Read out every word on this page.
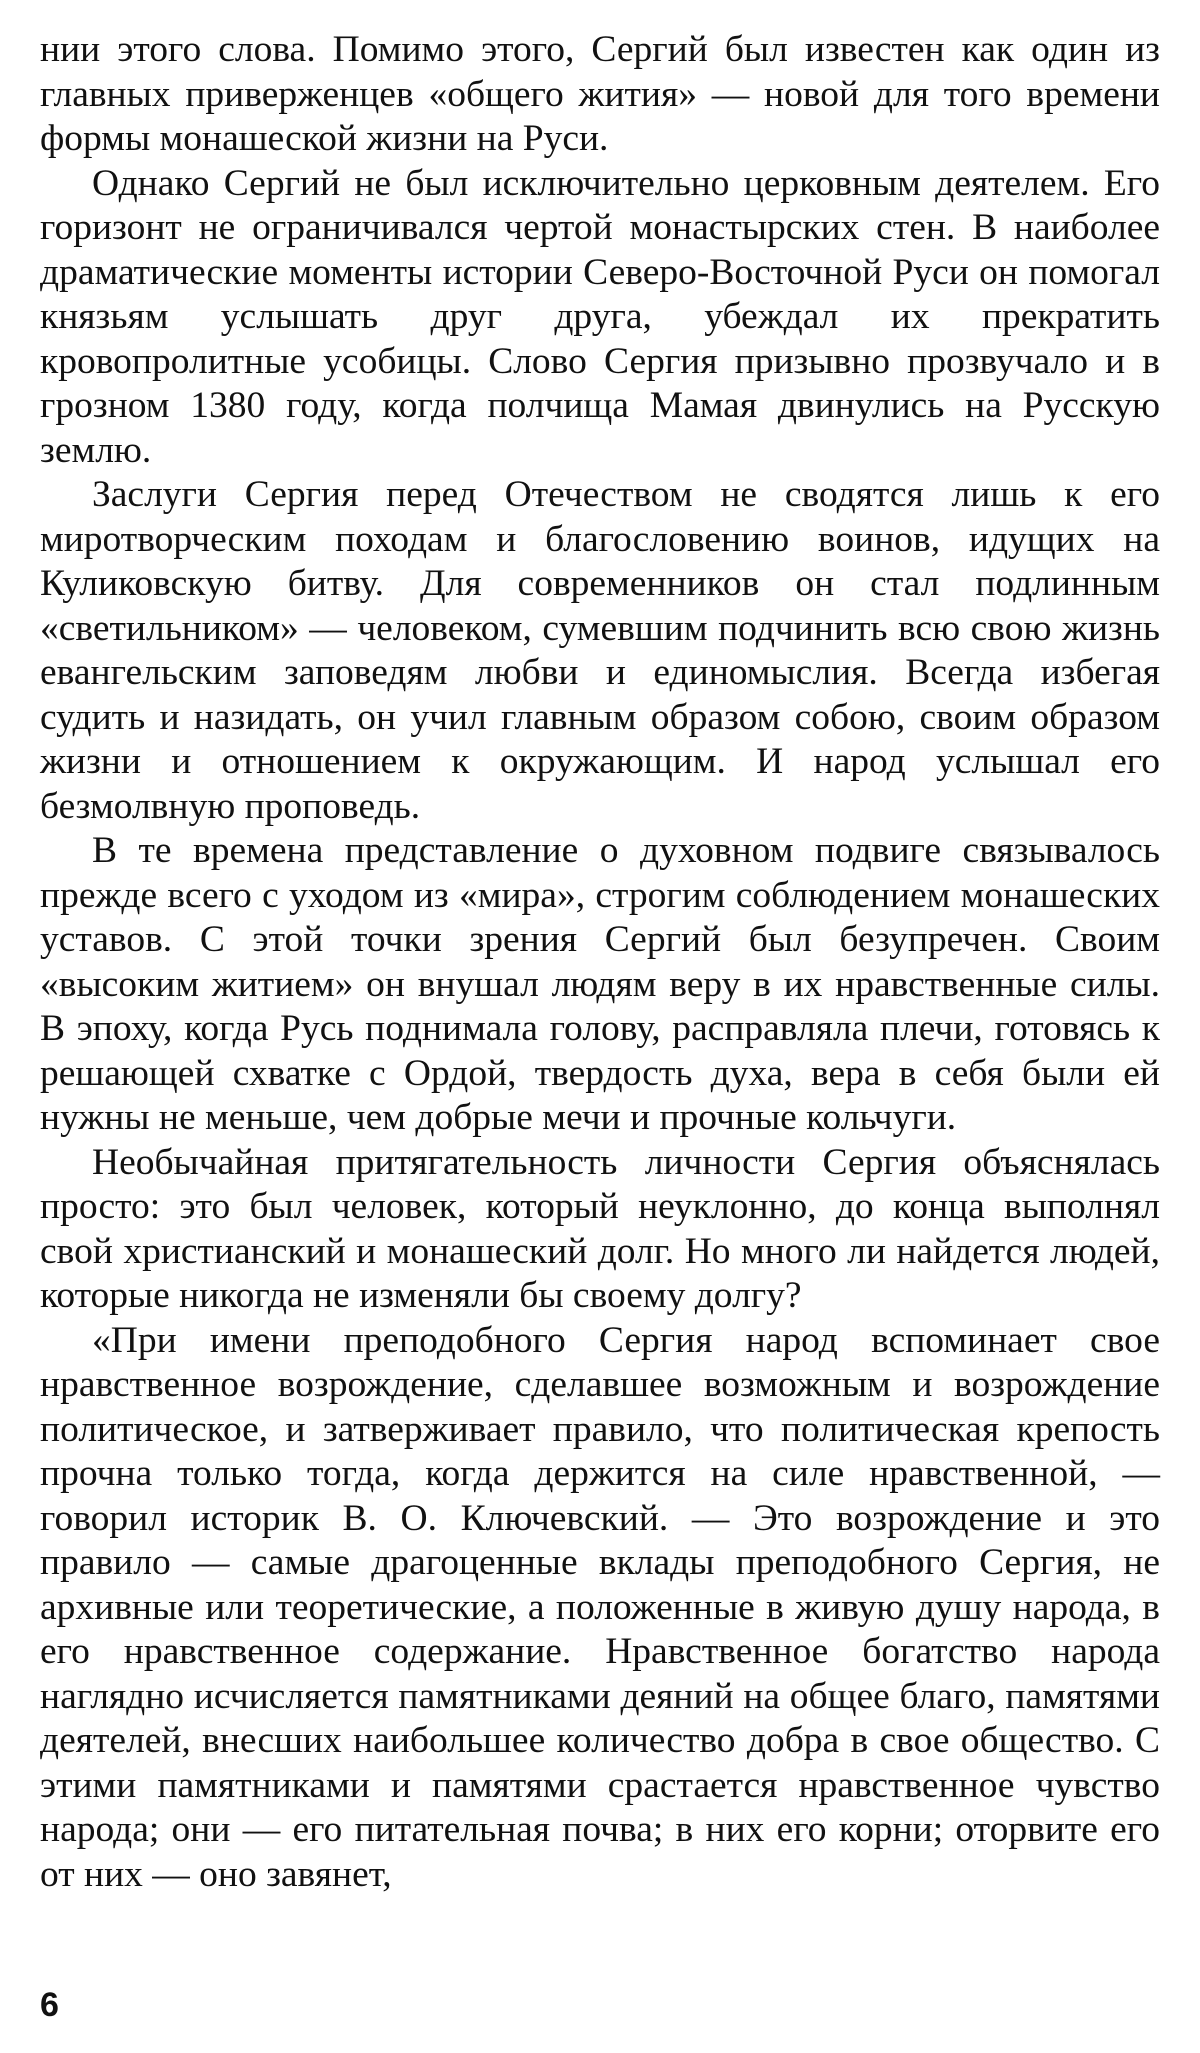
нии этого слова. Помимо этого, Сергий был известен как один из главных приверженцев «общего жития» — новой для того времени формы монашеской жизни на Руси.

Однако Сергий не был исключительно церковным деятелем. Его горизонт не ограничивался чертой монастырских стен. В наиболее драматические моменты истории Северо-Восточной Руси он помогал князьям услышать друг друга, убеждал их прекратить кровопролитные усобицы. Слово Сергия призывно прозвучало и в грозном 1380 году, когда полчища Мамая двинулись на Русскую землю.

Заслуги Сергия перед Отечеством не сводятся лишь к его миротворческим походам и благословению воинов, идущих на Куликовскую битву. Для современников он стал подлинным «светильником» — человеком, сумевшим подчинить всю свою жизнь евангельским заповедям любви и единомыслия. Всегда избегая судить и назидать, он учил главным образом собою, своим образом жизни и отношением к окружающим. И народ услышал его безмолвную проповедь.

В те времена представление о духовном подвиге связывалось прежде всего с уходом из «мира», строгим соблюдением монашеских уставов. С этой точки зрения Сергий был безупречен. Своим «высоким житием» он внушал людям веру в их нравственные силы. В эпоху, когда Русь поднимала голову, расправляла плечи, готовясь к решающей схватке с Ордой, твердость духа, вера в себя были ей нужны не меньше, чем добрые мечи и прочные кольчуги.

Необычайная притягательность личности Сергия объяснялась просто: это был человек, который неуклонно, до конца выполнял свой христианский и монашеский долг. Но много ли найдется людей, которые никогда не изменяли бы своему долгу?

«При имени преподобного Сергия народ вспоминает свое нравственное возрождение, сделавшее возможным и возрождение политическое, и затверживает правило, что политическая крепость прочна только тогда, когда держится на силе нравственной, — говорил историк В. О. Ключевский. — Это возрождение и это правило — самые драгоценные вклады преподобного Сергия, не архивные или теоретические, а положенные в живую душу народа, в его нравственное содержание. Нравственное богатство народа наглядно исчисляется памятниками деяний на общее благо, памятями деятелей, внесших наибольшее количество добра в свое общество. С этими памятниками и памятями срастается нравственное чувство народа; они — его питательная почва; в них его корни; оторвите его от них — оно завянет,

6
